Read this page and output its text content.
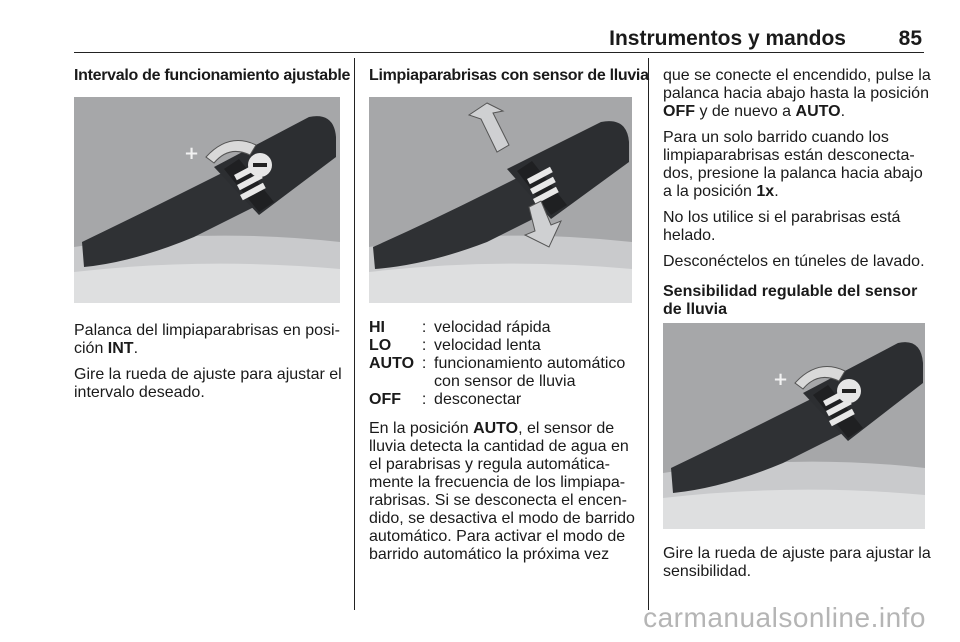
Instrumentos y mandos	85
Intervalo de funcionamiento ajustable
+

Palanca del limpiaparabrisas en posi-ción INT.

Gire la rueda de ajuste para ajustar el intervalo deseado.

Limpiaparabrisas con sensor de lluvia
HI	:	velocidad rápida
LO	:	velocidad lenta
AUTO	:	funcionamiento automático con sensor de lluvia
OFF	:	desconectar

En la posición AUTO, el sensor de lluvia detecta la cantidad de agua en el parabrisas y regula automática-mente la frecuencia de los limpiapa-rabrisas. Si se desconecta el encen-dido, se desactiva el modo de barrido automático. Para activar el modo de barrido automático la próxima vez

que se conecte el encendido, pulse la palanca hacia abajo hasta la posición OFF y de nuevo a AUTO.

Para un solo barrido cuando los limpiaparabrisas están desconecta-dos, presione la palanca hacia abajo a la posición 1x.

No los utilice si el parabrisas está helado.

Desconéctelos en túneles de lavado.

Sensibilidad regulable del sensor de lluvia
+

Gire la rueda de ajuste para ajustar la sensibilidad.

carmanualsonline.info
